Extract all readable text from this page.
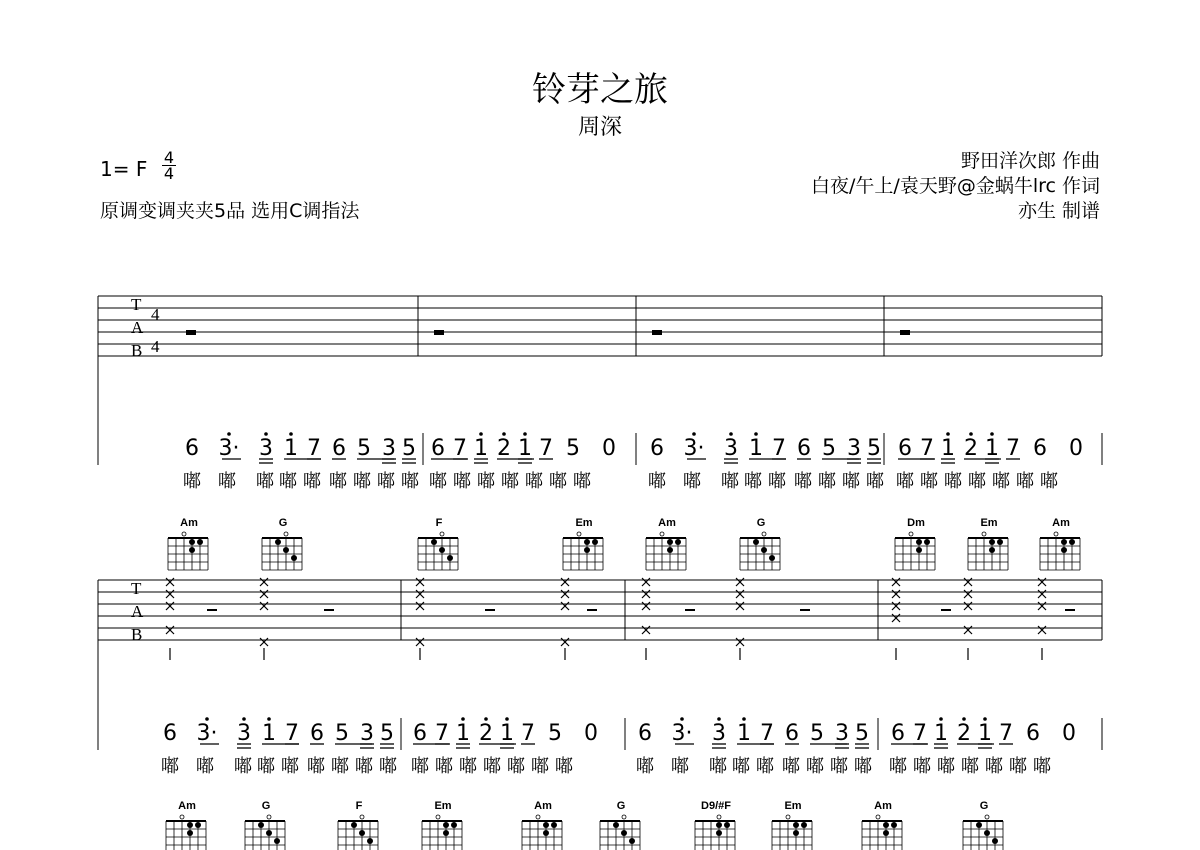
铃芽之旅
周深
1= F 4
4
原调变调夹夹5品 选用C调指法
野田洋次郎 作曲
白夜/午上/袁天野@金蜗牛lrc 作词
亦生 制谱
T
A
B
4
4
6 3· 3 1 7 6 5 3 5
嘟 嘟 嘟 嘟 嘟 嘟 嘟 嘟 嘟
6 7 1 2 1 7 5 0
嘟 嘟 嘟 嘟 嘟 嘟 嘟
6 3· 3 1 7 6 5 3 5
嘟 嘟 嘟 嘟 嘟 嘟 嘟 嘟 嘟
6 7 1 2 1 7 6 0
嘟 嘟 嘟 嘟 嘟 嘟 嘟
6 3· 3 1 7 6 5 3 5
嘟 嘟 嘟 嘟 嘟 嘟 嘟 嘟 嘟
6 7 1 2 1 7 5 0
嘟 嘟 嘟 嘟 嘟 嘟 嘟
6 3· 3 1 7 6 5 3 5
嘟 嘟 嘟 嘟 嘟 嘟 嘟 嘟 嘟
6 7 1 2 1 7 6 0
嘟 嘟 嘟 嘟 嘟 嘟 嘟
Am	G	F	Em	Am	G	Dm	Em	Am
Am	G	F	Em	Am	G	D9/#F	Em	Am	G
T
A
B
